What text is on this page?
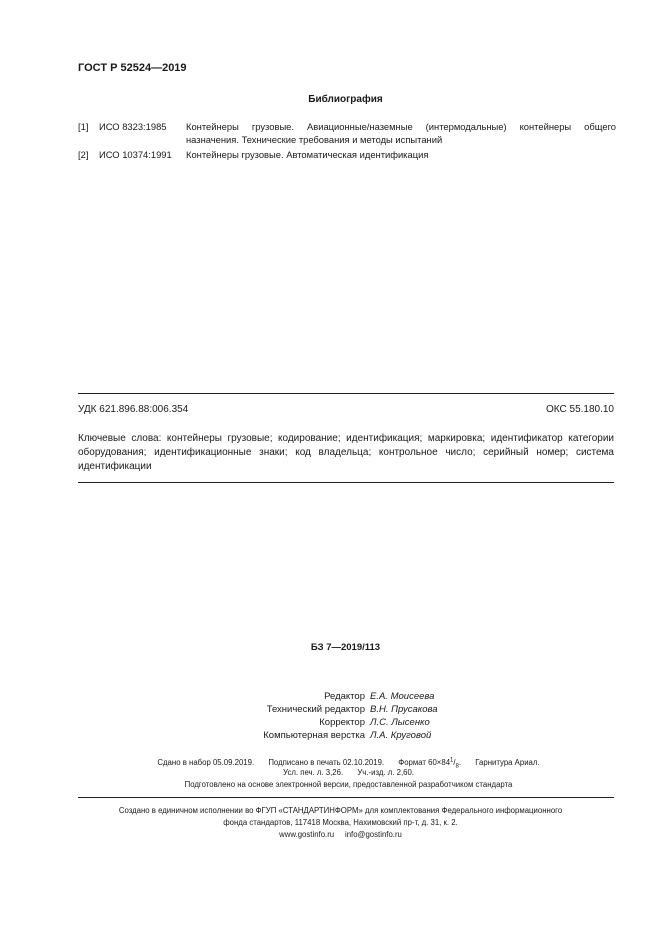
ГОСТ Р 52524—2019
Библиография
[1] ИСО 8323:1985 Контейнеры грузовые. Авиационные/наземные (интермодальные) контейнеры общего назначения. Технические требования и методы испытаний
[2] ИСО 10374:1991 Контейнеры грузовые. Автоматическая идентификация
УДК 621.896.88:006.354	ОКС 55.180.10
Ключевые слова: контейнеры грузовые; кодирование; идентификация; маркировка; идентификатор категории оборудования; идентификационные знаки; код владельца; контрольное число; серийный номер; система идентификации
БЗ 7—2019/113
Редактор Е.А. Моисеева
Технический редактор В.Н. Прусакова
Корректор Л.С. Лысенко
Компьютерная верстка Л.А. Круговой
Сдано в набор 05.09.2019. Подписано в печать 02.10.2019. Формат $60\times 84^1/_8$. Гарнитура Ариал.
Усл. печ. л. 3,26. Уч.-изд. л. 2,60.
Подготовлено на основе электронной версии, предоставленной разработчиком стандарта
Создано в единичном исполнении во ФГУП «СТАНДАРТИНФОРМ» для комплектования Федерального информационного
фонда стандартов, 117418 Москва, Нахимовский пр-т, д. 31, к. 2.
www.gostinfo.ru info@gostinfo.ru
